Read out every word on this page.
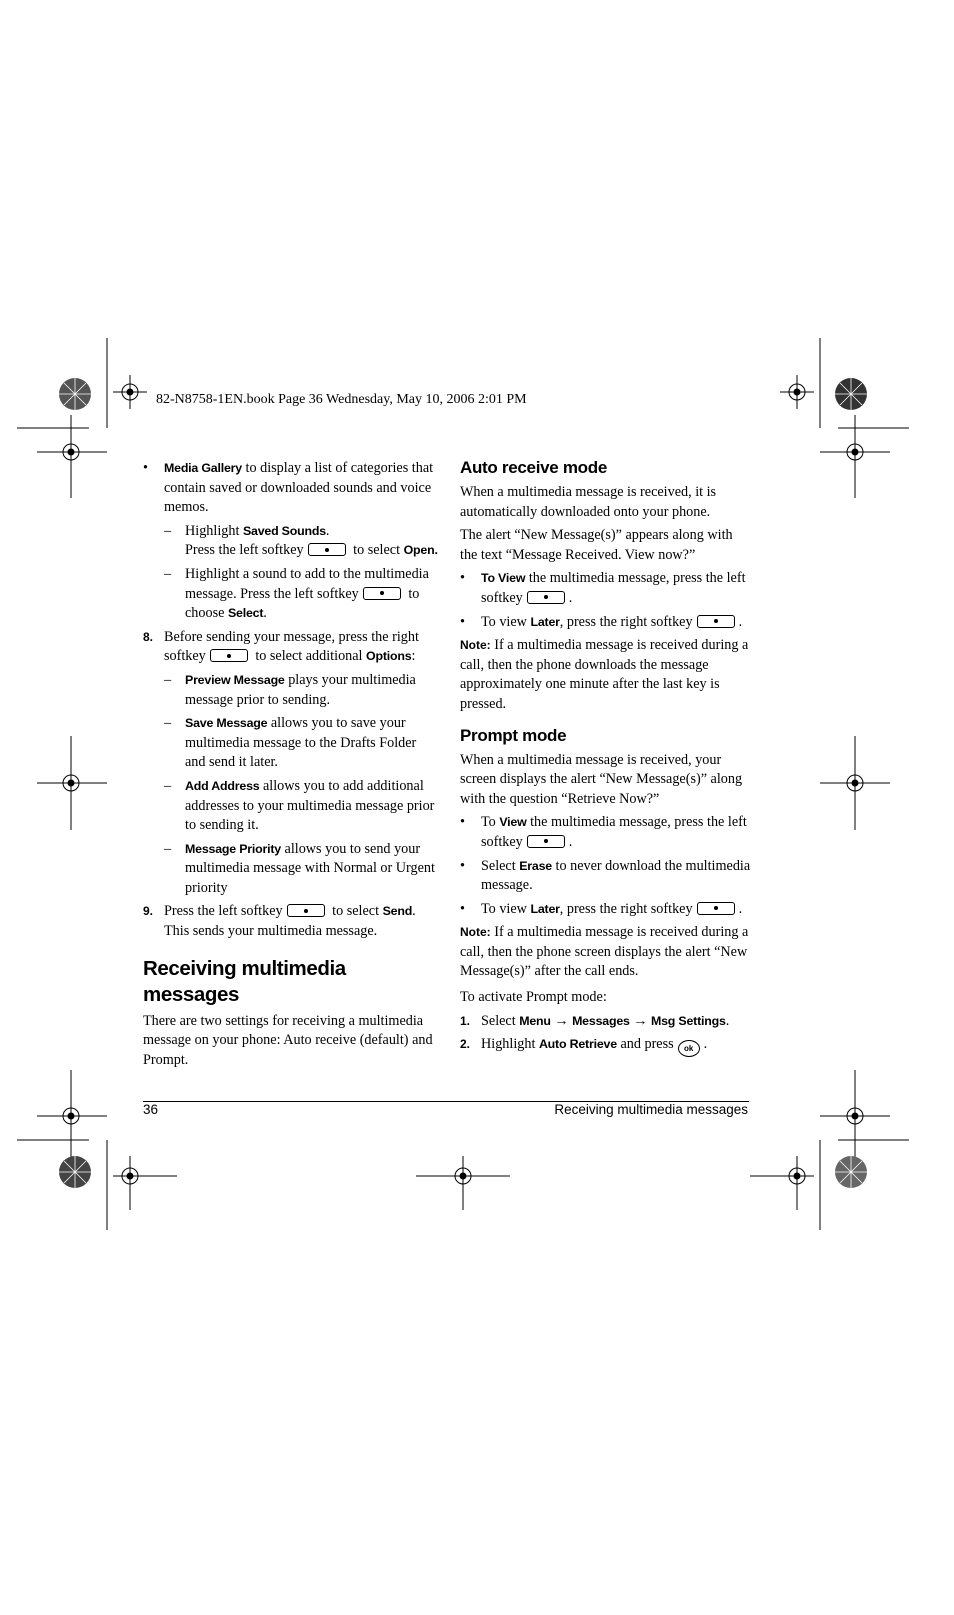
82-N8758-1EN.book Page 36 Wednesday, May 10, 2006 2:01 PM
• Media Gallery to display a list of categories that contain saved or downloaded sounds and voice memos.
– Highlight Saved Sounds.
Press the left softkey	to select Open.
– Highlight a sound to add to the multimedia message. Press the left softkey	to choose Select.
8. Before sending your message, press the right softkey	to select additional Options:
– Preview Message plays your multimedia message prior to sending.
– Save Message allows you to save your multimedia message to the Drafts Folder and send it later.
– Add Address allows you to add additional addresses to your multimedia message prior to sending it.
– Message Priority allows you to send your multimedia message with Normal or Urgent priority
9. Press the left softkey	to select Send. This sends your multimedia message.
Receiving multimedia messages
There are two settings for receiving a multimedia message on your phone: Auto receive (default) and Prompt.
Auto receive mode
When a multimedia message is received, it is automatically downloaded onto your phone.
The alert “New Message(s)” appears along with the text “Message Received. View now?”
• To View the multimedia message, press the left softkey	.
• To view Later, press the right softkey	.
Note: If a multimedia message is received during a call, then the phone downloads the message approximately one minute after the last key is pressed.
Prompt mode
When a multimedia message is received, your screen displays the alert “New Message(s)” along with the question “Retrieve Now?”
• To View the multimedia message, press the left softkey	.
• Select Erase to never download the multimedia message.
• To view Later, press the right softkey	.
Note: If a multimedia message is received during a call, then the phone screen displays the alert “New Message(s)” after the call ends.
To activate Prompt mode:
1. Select Menu → Messages → Msg Settings.
2. Highlight Auto Retrieve and press ok .
36	Receiving multimedia messages
